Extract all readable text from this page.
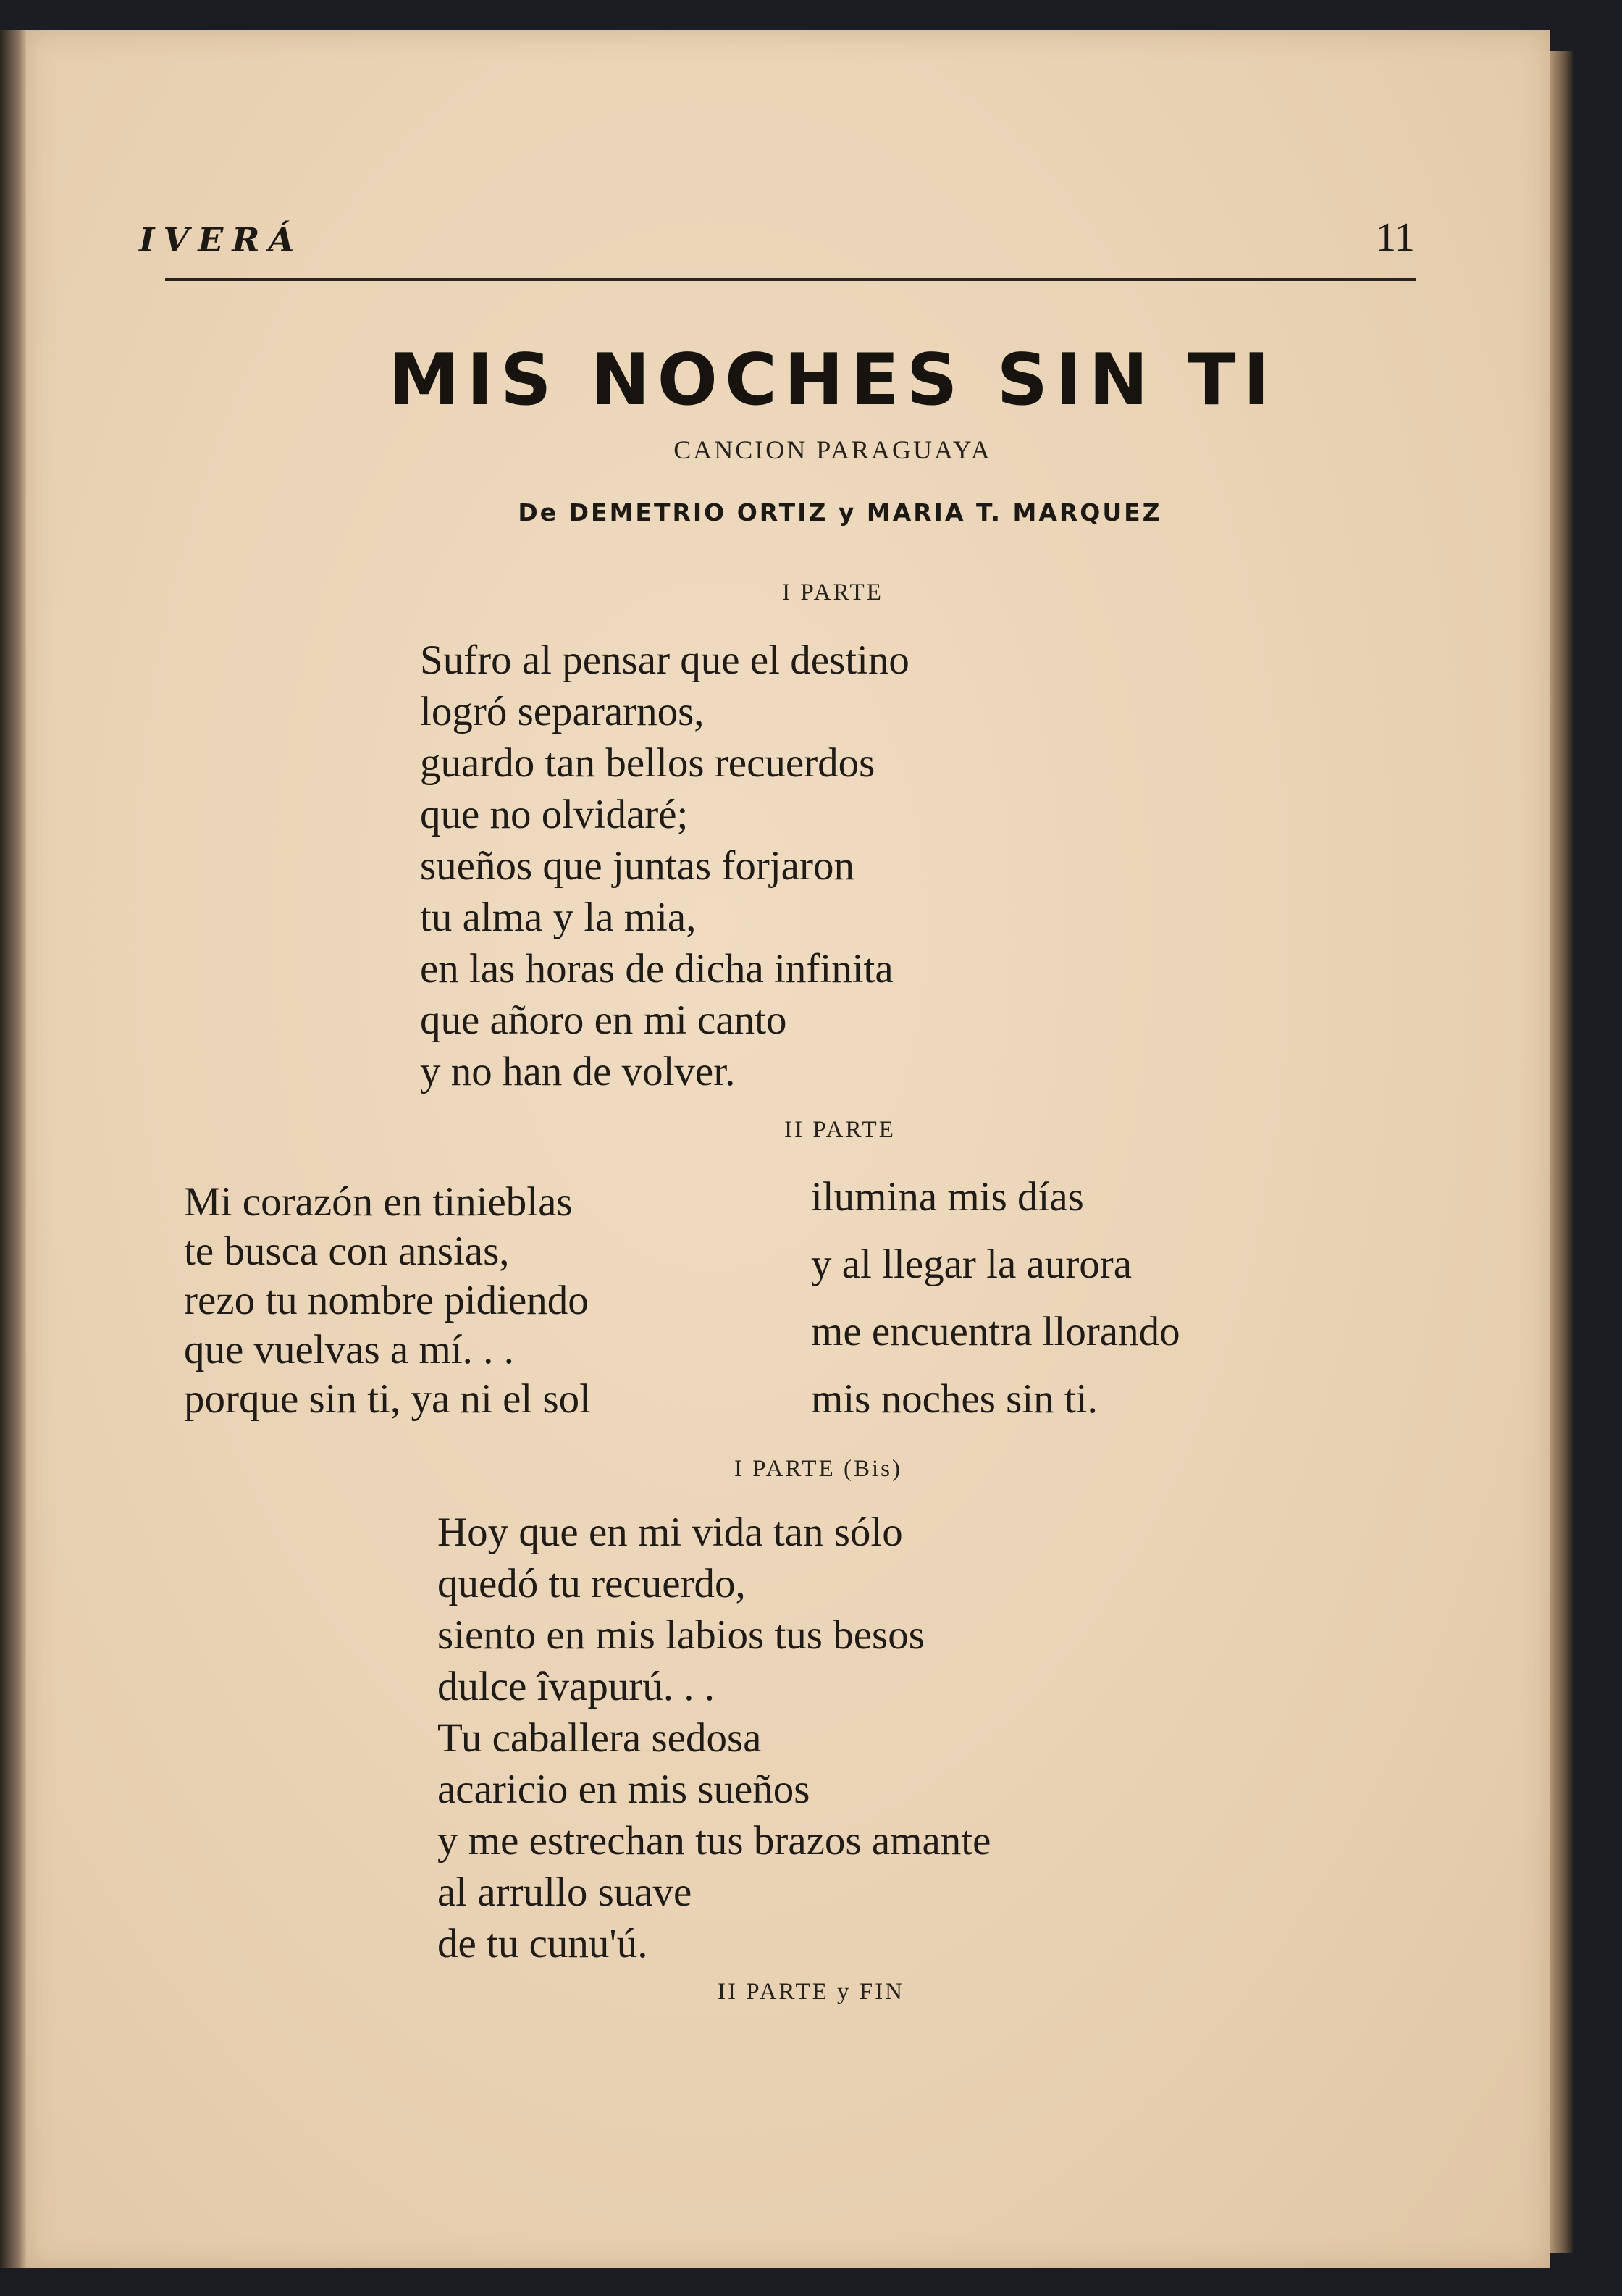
IVERÁ	11
MIS NOCHES SIN TI
CANCION PARAGUAYA
De DEMETRIO ORTIZ y MARIA T. MARQUEZ
I PARTE
Sufro al pensar que el destino
logró separarnos,
guardo tan bellos recuerdos
que no olvidaré;
sueños que juntas forjaron
tu alma y la mia,
en las horas de dicha infinita
que añoro en mi canto
y no han de volver.
II PARTE
Mi corazón en tinieblas
te busca con ansias,
rezo tu nombre pidiendo
que vuelvas a mí. . .
porque sin ti, ya ni el sol
ilumina mis días
y al llegar la aurora
me encuentra llorando
mis noches sin ti.
I PARTE (Bis)
Hoy que en mi vida tan sólo
quedó tu recuerdo,
siento en mis labios tus besos
dulce îvapurú. . .
Tu caballera sedosa
acaricio en mis sueños
y me estrechan tus brazos amante
al arrullo suave
de tu cunu'ú.
II PARTE y FIN
